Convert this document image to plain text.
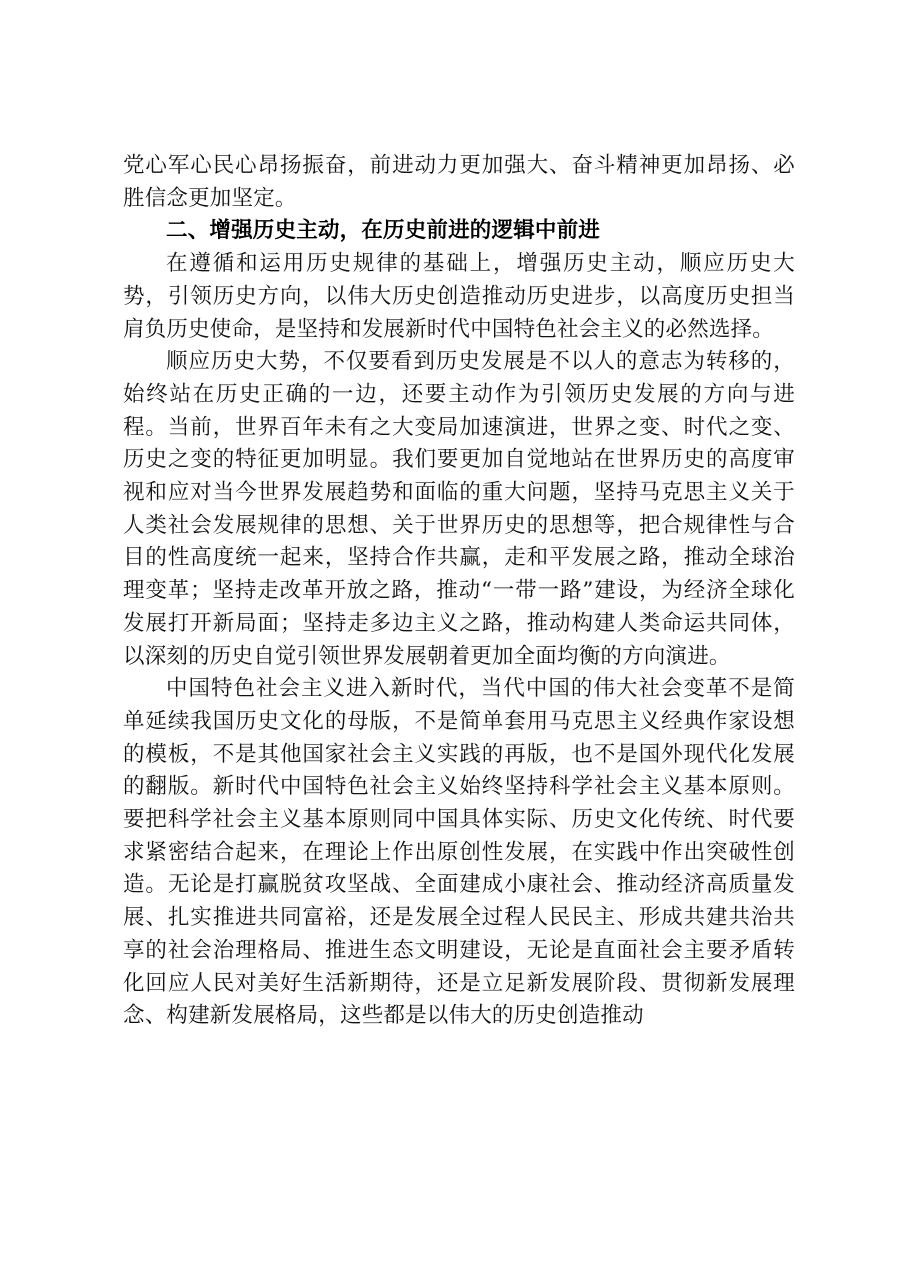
党心军心民心昂扬振奋，前进动力更加强大、奋斗精神更加昂扬、必胜信念更加坚定。

二、增强历史主动，在历史前进的逻辑中前进

在遵循和运用历史规律的基础上，增强历史主动，顺应历史大势，引领历史方向，以伟大历史创造推动历史进步，以高度历史担当肩负历史使命，是坚持和发展新时代中国特色社会主义的必然选择。

顺应历史大势，不仅要看到历史发展是不以人的意志为转移的，始终站在历史正确的一边，还要主动作为引领历史发展的方向与进程。当前，世界百年未有之大变局加速演进，世界之变、时代之变、历史之变的特征更加明显。我们要更加自觉地站在世界历史的高度审视和应对当今世界发展趋势和面临的重大问题，坚持马克思主义关于人类社会发展规律的思想、关于世界历史的思想等，把合规律性与合目的性高度统一起来，坚持合作共赢，走和平发展之路，推动全球治理变革；坚持走改革开放之路，推动“一带一路”建设，为经济全球化发展打开新局面；坚持走多边主义之路，推动构建人类命运共同体，以深刻的历史自觉引领世界发展朝着更加全面均衡的方向演进。

中国特色社会主义进入新时代，当代中国的伟大社会变革不是简单延续我国历史文化的母版，不是简单套用马克思主义经典作家设想的模板，不是其他国家社会主义实践的再版，也不是国外现代化发展的翻版。新时代中国特色社会主义始终坚持科学社会主义基本原则。要把科学社会主义基本原则同中国具体实际、历史文化传统、时代要求紧密结合起来，在理论上作出原创性发展，在实践中作出突破性创造。无论是打赢脱贫攻坚战、全面建成小康社会、推动经济高质量发展、扎实推进共同富裕，还是发展全过程人民民主、形成共建共治共享的社会治理格局、推进生态文明建设，无论是直面社会主要矛盾转化回应人民对美好生活新期待，还是立足新发展阶段、贯彻新发展理念、构建新发展格局，这些都是以伟大的历史创造推动
